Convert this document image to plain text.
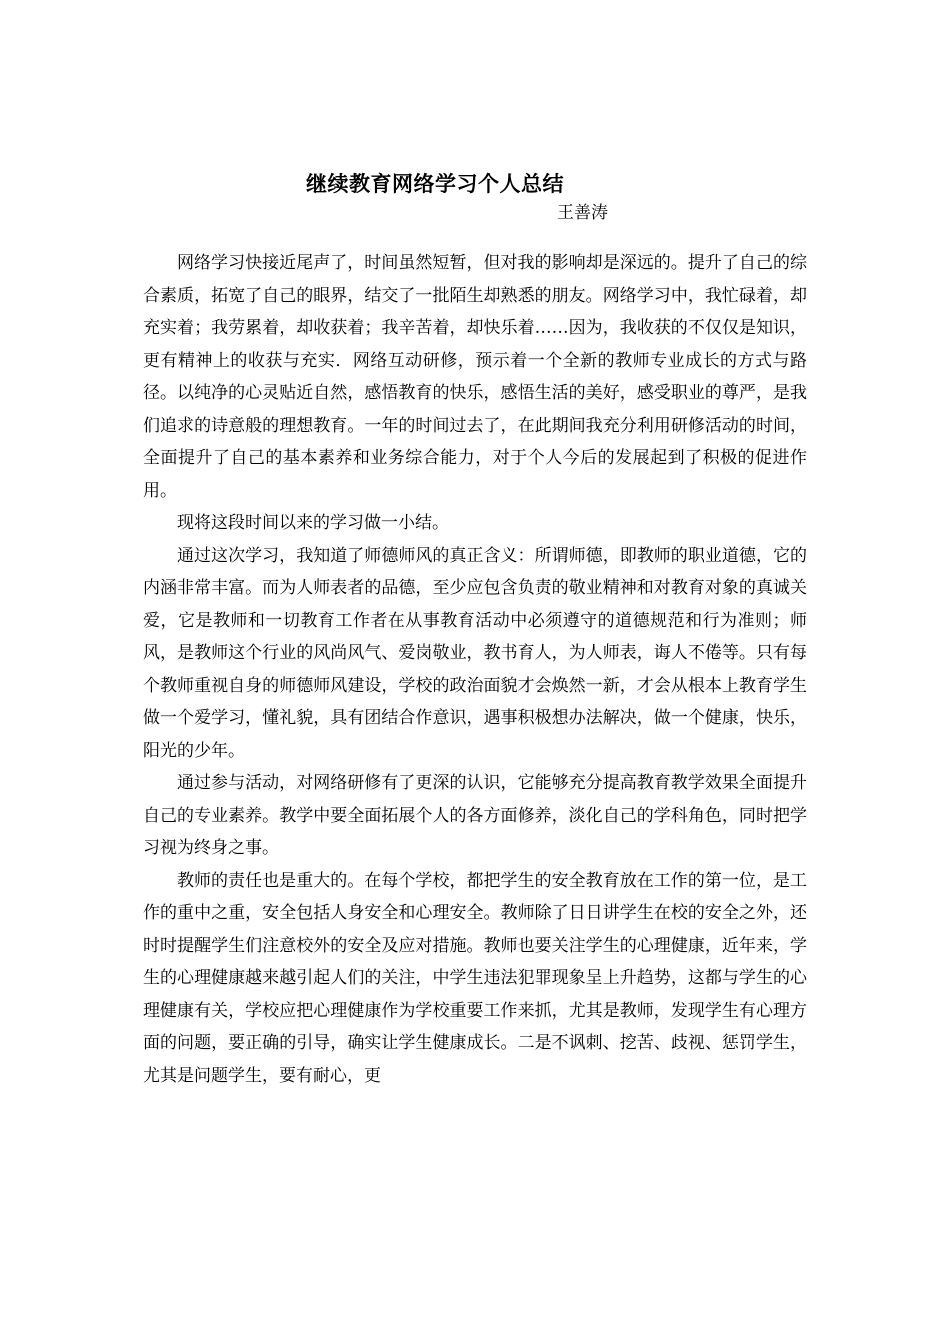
继续教育网络学习个人总结
王善涛

网络学习快接近尾声了，时间虽然短暂，但对我的影响却是深远的。提升了自己的综合素质，拓宽了自己的眼界，结交了一批陌生却熟悉的朋友。网络学习中，我忙碌着，却充实着；我劳累着，却收获着；我辛苦着，却快乐着……因为，我收获的不仅仅是知识，更有精神上的收获与充实．网络互动研修，预示着一个全新的教师专业成长的方式与路径。以纯净的心灵贴近自然，感悟教育的快乐，感悟生活的美好，感受职业的尊严，是我们追求的诗意般的理想教育。一年的时间过去了，在此期间我充分利用研修活动的时间，全面提升了自己的基本素养和业务综合能力，对于个人今后的发展起到了积极的促进作用。

现将这段时间以来的学习做一小结。

通过这次学习，我知道了师德师风的真正含义：所谓师德，即教师的职业道德，它的内涵非常丰富。而为人师表者的品德，至少应包含负责的敬业精神和对教育对象的真诚关爱，它是教师和一切教育工作者在从事教育活动中必须遵守的道德规范和行为准则；师风，是教师这个行业的风尚风气、爱岗敬业，教书育人，为人师表，诲人不倦等。只有每个教师重视自身的师德师风建设，学校的政治面貌才会焕然一新，才会从根本上教育学生做一个爱学习，懂礼貌，具有团结合作意识，遇事积极想办法解决，做一个健康，快乐，阳光的少年。

通过参与活动，对网络研修有了更深的认识，它能够充分提高教育教学效果全面提升自己的专业素养。教学中要全面拓展个人的各方面修养，淡化自己的学科角色，同时把学习视为终身之事。

教师的责任也是重大的。在每个学校，都把学生的安全教育放在工作的第一位，是工作的重中之重，安全包括人身安全和心理安全。教师除了日日讲学生在校的安全之外，还时时提醒学生们注意校外的安全及应对措施。教师也要关注学生的心理健康，近年来，学生的心理健康越来越引起人们的关注，中学生违法犯罪现象呈上升趋势，这都与学生的心理健康有关，学校应把心理健康作为学校重要工作来抓，尤其是教师，发现学生有心理方面的问题，要正确的引导，确实让学生健康成长。二是不讽刺、挖苦、歧视、惩罚学生，尤其是问题学生，要有耐心，更
